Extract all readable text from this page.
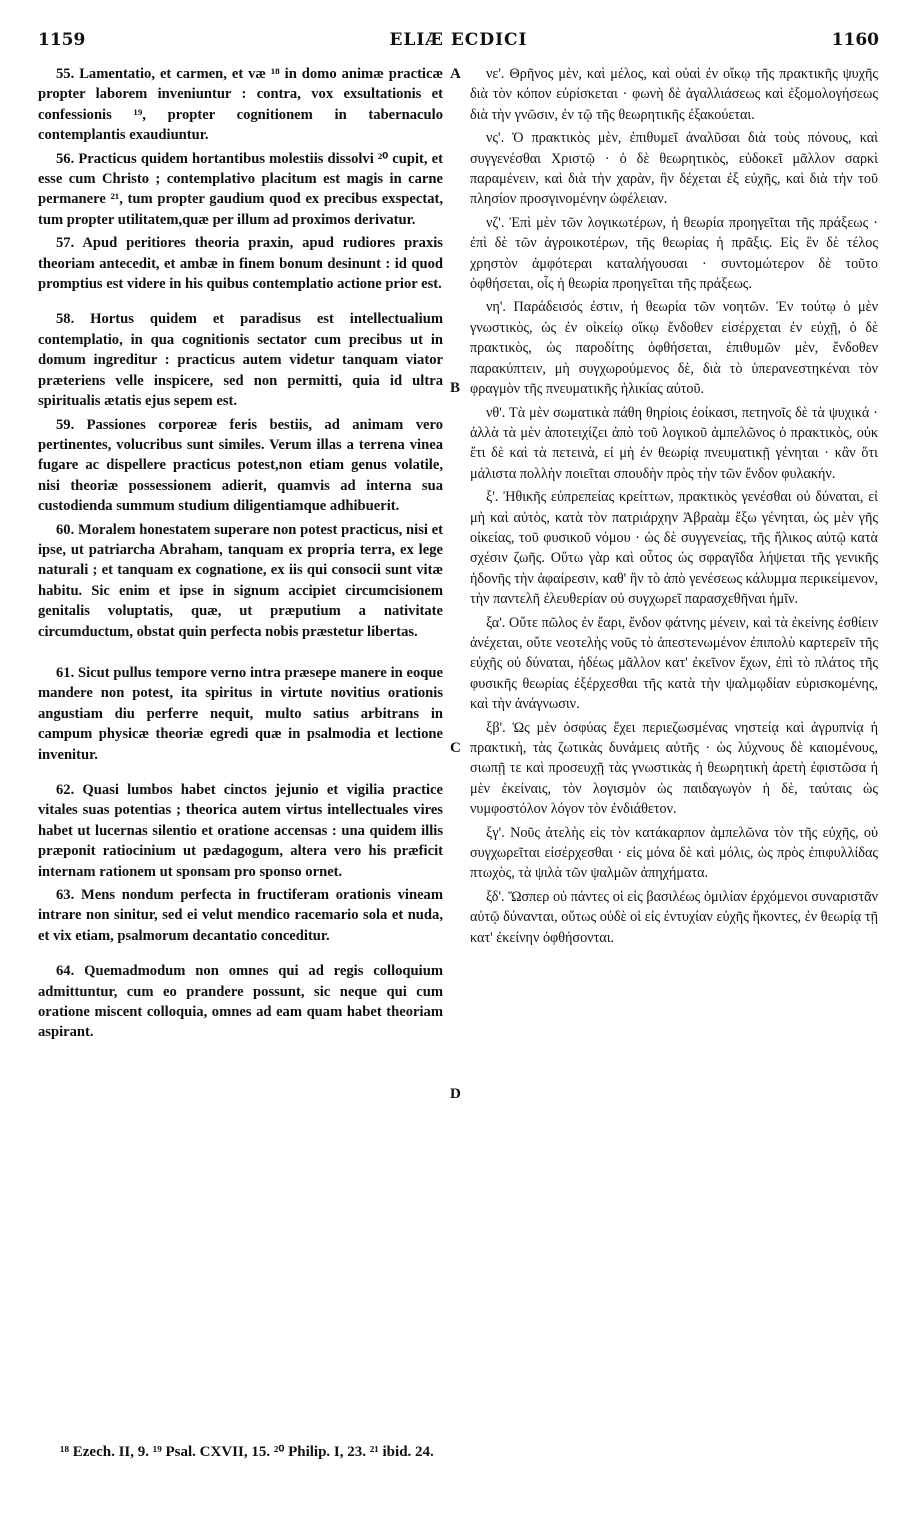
1159	ELIÆ ECDICI	1160
A
B
C
D

55. Lamentatio, et carmen, et væ ¹⁸ in domo animæ practicæ propter laborem inveniuntur : contra, vox exsultationis et confessionis ¹⁹, propter cognitionem in tabernaculo contemplantis exaudiuntur.

56. Practicus quidem hortantibus molestiis dissolvi ²⁰ cupit, et esse cum Christo ; contemplativo placitum est magis in carne permanere ²¹, tum propter gaudium quod ex precibus exspectat, tum propter utilitatem,quæ per illum ad proximos derivatur.

57. Apud peritiores theoria praxin, apud rudiores praxis theoriam antecedit, et ambæ in finem bonum desinunt : id quod promptius est videre in his quibus contemplatio actione prior est.

58. Hortus quidem et paradisus est intellectualium contemplatio, in qua cognitionis sectator cum precibus ut in domum ingreditur : practicus autem videtur tanquam viator præteriens velle inspicere, sed non permitti, quia id ultra spiritualis ætatis ejus sepem est.

59. Passiones corporeæ feris bestiis, ad animam vero pertinentes, volucribus sunt similes. Verum illas a terrena vinea fugare ac dispellere practicus potest,non etiam genus volatile, nisi theoriæ possessionem adierit, quamvis ad interna sua custodienda summum studium diligentiamque adhibuerit.

60. Moralem honestatem superare non potest practicus, nisi et ipse, ut patriarcha Abraham, tanquam ex propria terra, ex lege naturali ; et tanquam ex cognatione, ex iis qui consocii sunt vitæ habitu. Sic enim et ipse in signum accipiet circumcisionem genitalis voluptatis, quæ, ut præputium a nativitate circumductum, obstat quin perfecta nobis præstetur libertas.

61. Sicut pullus tempore verno intra præsepe manere in eoque mandere non potest, ita spiritus in virtute novitius orationis angustiam diu perferre nequit, multo satius arbitrans in campum physicæ theoriæ egredi quæ in psalmodia et lectione invenitur.

62. Quasi lumbos habet cinctos jejunio et vigilia practice vitales suas potentias ; theorica autem virtus intellectuales vires habet ut lucernas silentio et oratione accensas : una quidem illis præponit ratiocinium ut pædagogum, altera vero his præficit internam rationem ut sponsam pro sponso ornet.

63. Mens nondum perfecta in fructiferam orationis vineam intrare non sinitur, sed ei velut mendico racemario sola et nuda, et vix etiam, psalmorum decantatio conceditur.

64. Quemadmodum non omnes qui ad regis colloquium admittuntur, cum eo prandere possunt, sic neque qui cum oratione miscent colloquia, omnes ad eam quam habet theoriam aspirant.

νε'. Θρῆνος μὲν, καὶ μέλος, καὶ οὐαὶ ἐν οἴκῳ τῆς πρακτικῆς ψυχῆς διὰ τὸν κόπον εὑρίσκεται · φωνὴ δὲ ἀγαλλιάσεως καὶ ἐξομολογήσεως διὰ τὴν γνῶσιν, ἐν τῷ τῆς θεωρητικῆς ἐξακούεται.

νς'. Ὁ πρακτικὸς μὲν, ἐπιθυμεῖ ἀναλῦσαι διὰ τοὺς πόνους, καὶ συγγενέσθαι Χριστῷ · ὁ δὲ θεωρητικὸς, εὐδοκεῖ μᾶλλον σαρκὶ παραμένειν, καὶ διὰ τὴν χαρὰν, ἣν δέχεται ἐξ εὐχῆς, καὶ διὰ τὴν τοῦ πλησίον προσγινομένην ὠφέλειαν.

νζ'. Ἐπὶ μὲν τῶν λογικωτέρων, ἡ θεωρία προηγεῖται τῆς πράξεως · ἐπὶ δὲ τῶν ἀγροικοτέρων, τῆς θεωρίας ἡ πρᾶξις. Εἰς ἓν δὲ τέλος χρηστὸν ἀμφότεραι καταλήγουσαι · συντομώτερον δὲ τοῦτο ὀφθήσεται, οἷς ἡ θεωρία προηγεῖται τῆς πράξεως.

νη'. Παράδεισός ἐστιν, ἡ θεωρία τῶν νοητῶν. Ἐν τούτῳ ὁ μὲν γνωστικὸς, ὡς ἐν οἰκείῳ οἴκῳ ἔνδοθεν εἰσέρχεται ἐν εὐχῇ, ὁ δὲ πρακτικὸς, ὡς παροδίτης ὀφθήσεται, ἐπιθυμῶν μὲν, ἔνδοθεν παρακύπτειν, μὴ συγχωρούμενος δὲ, διὰ τὸ ὑπερανεστηκέναι τὸν φραγμὸν τῆς πνευματικῆς ἡλικίας αὐτοῦ.

νθ'. Τὰ μὲν σωματικὰ πάθη θηρίοις ἐοίκασι, πετηνοῖς δὲ τὰ ψυχικά · ἀλλὰ τὰ μὲν ἀποτειχίζει ἀπὸ τοῦ λογικοῦ ἀμπελῶνος ὁ πρακτικὸς, οὐκ ἔτι δὲ καὶ τὰ πετεινὰ, εἰ μὴ ἐν θεωρίᾳ πνευματικῇ γένηται · κἂν ὅτι μάλιστα πολλὴν ποιεῖται σπουδὴν πρὸς τὴν τῶν ἔνδον φυλακήν.

ξ'. Ἠθικῆς εὐπρεπείας κρείττων, πρακτικὸς γενέσθαι οὐ δύναται, εἰ μὴ καὶ αὐτὸς, κατὰ τὸν πατριάρχην Ἀβραὰμ ἔξω γένηται, ὡς μὲν γῆς οἰκείας, τοῦ φυσικοῦ νόμου · ὡς δὲ συγγενείας, τῆς ἥλικος αὐτῷ κατὰ σχέσιν ζωῆς. Οὕτω γὰρ καὶ οὗτος ὡς σφραγῖδα λήψεται τῆς γενικῆς ἡδονῆς τὴν ἀφαίρεσιν, καθ' ἣν τὸ ἀπὸ γενέσεως κάλυμμα περικείμενον, τὴν παντελῆ ἐλευθερίαν οὐ συγχωρεῖ παρασχεθῆναι ἡμῖν.

ξα'. Οὔτε πῶλος ἐν ἔαρι, ἔνδον φάτνης μένειν, καὶ τὰ ἐκείνης ἐσθίειν ἀνέχεται, οὔτε νεοτελὴς νοῦς τὸ ἀπεστενωμένον ἐπιπολὺ καρτερεῖν τῆς εὐχῆς οὐ δύναται, ἡδέως μᾶλλον κατ' ἐκεῖνον ἔχων, ἐπὶ τὸ πλάτος τῆς φυσικῆς θεωρίας ἐξέρχεσθαι τῆς κατὰ τὴν ψαλμῳδίαν εὑρισκομένης, καὶ τὴν ἀνάγνωσιν.

ξβ'. Ὡς μὲν ὀσφύας ἔχει περιεζωσμένας νηστείᾳ καὶ ἀγρυπνίᾳ ἡ πρακτικὴ, τὰς ζωτικὰς δυνάμεις αὐτῆς · ὡς λύχνους δὲ καιομένους, σιωπῇ τε καὶ προσευχῇ τὰς γνωστικὰς ἡ θεωρητικὴ ἀρετὴ ἐφιστῶσα ἡ μὲν ἐκείναις, τὸν λογισμὸν ὡς παιδαγωγὸν ἡ δὲ, ταύταις ὡς νυμφοστόλον λόγον τὸν ἐνδιάθετον.

ξγ'. Νοῦς ἀτελὴς εἰς τὸν κατάκαρπον ἀμπελῶνα τὸν τῆς εὐχῆς, οὐ συγχωρεῖται εἰσέρχεσθαι · εἰς μόνα δὲ καὶ μόλις, ὡς πρὸς ἐπιφυλλίδας πτωχὸς, τὰ ψιλὰ τῶν ψαλμῶν ἀπηχήματα.

ξδ'. Ὥσπερ οὐ πάντες οἱ εἰς βασιλέως ὁμιλίαν ἐρχόμενοι συναριστᾶν αὐτῷ δύνανται, οὕτως οὐδὲ οἱ εἰς ἐντυχίαν εὐχῆς ἥκοντες, ἐν θεωρίᾳ τῇ κατ' ἐκείνην ὀφθήσονται.

¹⁸ Ezech. II, 9. ¹⁹ Psal. CXVII, 15. ²⁰ Philip. I, 23. ²¹ ibid. 24.
